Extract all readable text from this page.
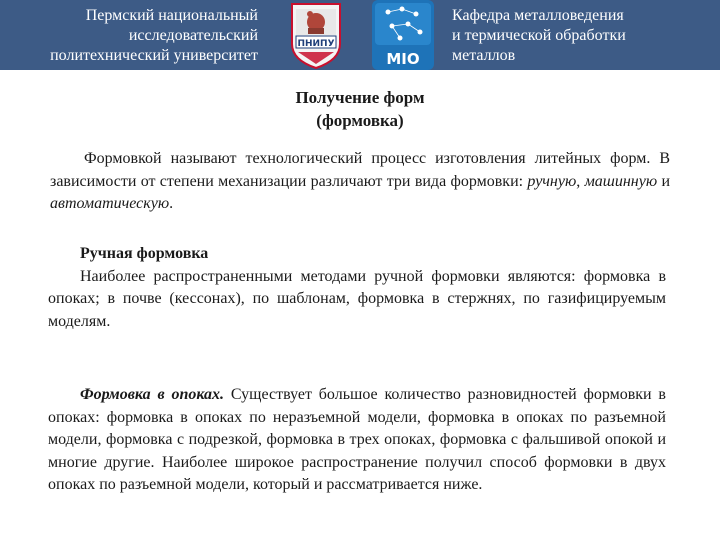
Пермский национальный
исследовательский
политехнический университет
ПНИПУ
МІО
Кафедра металловедения
и термической обработки
металлов
Получение форм
(формовка)

Формовкой называют технологический процесс изготовления литейных форм. В зависимости от степени механизации различают три вида формовки: ручную, машинную и автоматическую.

Ручная формовка
Наиболее распространенными методами ручной формовки являются: формовка в опоках; в почве (кессонах), по шаблонам, формовка в стержнях, по газифицируемым моделям.

Формовка в опоках. Существует большое количество разновидностей формовки в опоках: формовка в опоках по неразъемной модели, формовка в опоках по разъемной модели, формовка с подрезкой, формовка в трех опоках, формовка с фальшивой опокой и многие другие. Наиболее широкое распространение получил способ формовки в двух опоках по разъемной модели, который и рассматривается ниже.
